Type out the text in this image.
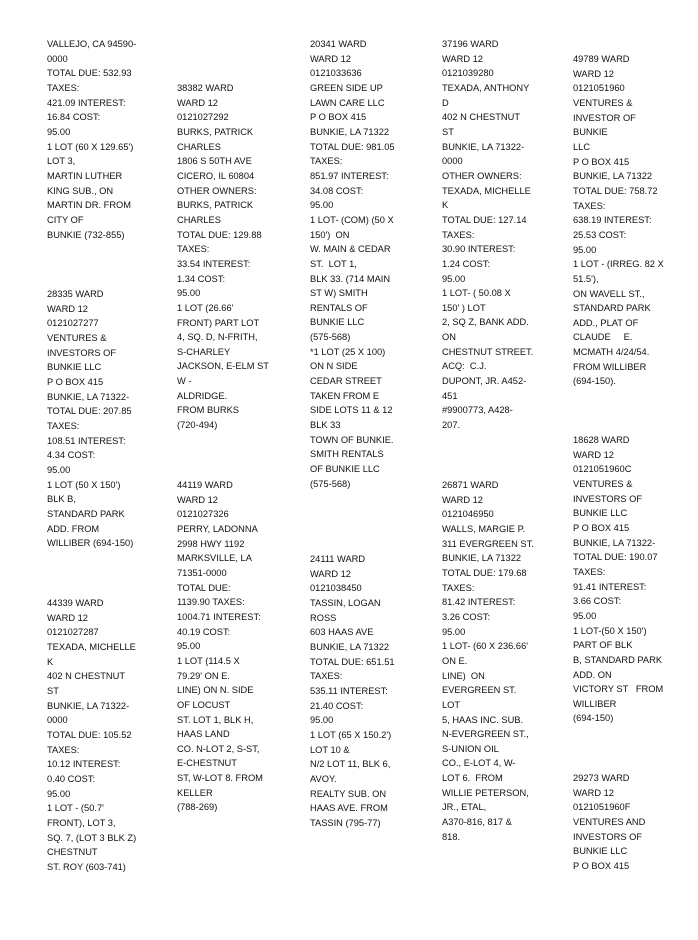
VALLEJO, CA 94590-
0000
TOTAL DUE: 532.93
TAXES:
421.09 INTEREST:
16.84 COST:
95.00
1 LOT (60 X 129.65')
LOT 3,
MARTIN LUTHER
KING SUB., ON
MARTIN DR. FROM
CITY OF
BUNKIE (732-855)
28335 WARD
WARD 12
0121027277
VENTURES &
INVESTORS OF
BUNKIE LLC
P O BOX 415
BUNKIE, LA 71322-
TOTAL DUE: 207.85
TAXES:
108.51 INTEREST:
4.34 COST:
95.00
1 LOT (50 X 150')
BLK B,
STANDARD PARK
ADD. FROM
WILLIBER (694-150)
44339 WARD
WARD 12
0121027287
TEXADA, MICHELLE
K
402 N CHESTNUT
ST
BUNKIE, LA 71322-
0000
TOTAL DUE: 105.52
TAXES:
10.12 INTEREST:
0.40 COST:
95.00
1 LOT - (50.7'
FRONT), LOT 3,
SQ. 7, (LOT 3 BLK Z)
CHESTNUT
ST. ROY (603-741)
38382 WARD
WARD 12
0121027292
BURKS, PATRICK
CHARLES
1806 S 50TH AVE
CICERO, IL 60804
OTHER OWNERS:
BURKS, PATRICK
CHARLES
TOTAL DUE: 129.88
TAXES:
33.54 INTEREST:
1.34 COST:
95.00
1 LOT (26.66'
FRONT) PART LOT
4, SQ. D, N-FRITH,
S-CHARLEY
JACKSON, E-ELM ST
W -
ALDRIDGE.
FROM BURKS
(720-494)
44119 WARD
WARD 12
0121027326
PERRY, LADONNA
2998 HWY 1192
MARKSVILLE, LA
71351-0000
TOTAL DUE:
1139.90 TAXES:
1004.71 INTEREST:
40.19 COST:
95.00
1 LOT (114.5 X
79.29' ON E.
LINE) ON N. SIDE
OF LOCUST
ST. LOT 1, BLK H,
HAAS LAND
CO. N-LOT 2, S-ST,
E-CHESTNUT
ST, W-LOT 8. FROM
KELLER
(788-269)
20341 WARD
WARD 12
0121033636
GREEN SIDE UP
LAWN CARE LLC
P O BOX 415
BUNKIE, LA 71322
TOTAL DUE: 981.05
TAXES:
851.97 INTEREST:
34.08 COST:
95.00
1 LOT- (COM) (50 X
150')  ON
W. MAIN & CEDAR
ST.  LOT 1,
BLK 33. (714 MAIN
ST W) SMITH
RENTALS OF
BUNKIE LLC
(575-568)
*1 LOT (25 X 100)
ON N SIDE
CEDAR STREET
TAKEN FROM E
SIDE LOTS 11 & 12
BLK 33
TOWN OF BUNKIE.
SMITH RENTALS
OF BUNKIE LLC
(575-568)
24111 WARD
WARD 12
0121038450
TASSIN, LOGAN
ROSS
603 HAAS AVE
BUNKIE, LA 71322
TOTAL DUE: 651.51
TAXES:
535.11 INTEREST:
21.40 COST:
95.00
1 LOT (65 X 150.2')
LOT 10 &
N/2 LOT 11, BLK 6,
AVOY.
REALTY SUB. ON
HAAS AVE. FROM
TASSIN (795-77)
37196 WARD
WARD 12
0121039280
TEXADA, ANTHONY
D
402 N CHESTNUT
ST
BUNKIE, LA 71322-
0000
OTHER OWNERS:
TEXADA, MICHELLE
K
TOTAL DUE: 127.14
TAXES:
30.90 INTEREST:
1.24 COST:
95.00
1 LOT- ( 50.08 X
150' ) LOT
2, SQ Z, BANK ADD.
ON
CHESTNUT STREET.
ACQ:  C.J.
DUPONT, JR. A452-
451
#9900773, A428-
207.
26871 WARD
WARD 12
0121046950
WALLS, MARGIE P.
311 EVERGREEN ST.
BUNKIE, LA 71322
TOTAL DUE: 179.68
TAXES:
81.42 INTEREST:
3.26 COST:
95.00
1 LOT- (60 X 236.66'
ON E.
LINE)  ON
EVERGREEN ST.
LOT
5, HAAS INC. SUB.
N-EVERGREEN ST.,
S-UNION OIL
CO., E-LOT 4, W-
LOT 6.  FROM
WILLIE PETERSON,
JR., ETAL,
A370-816, 817 &
818.
49789 WARD
WARD 12
0121051960
VENTURES &
INVESTOR OF
BUNKIE
LLC
P O BOX 415
BUNKIE, LA 71322
TOTAL DUE: 758.72
TAXES:
638.19 INTEREST:
25.53 COST:
95.00
1 LOT - (IRREG. 82 X
51.5'),
ON WAVELL ST.,
STANDARD PARK
ADD., PLAT OF
CLAUDE     E.
MCMATH 4/24/54.
FROM WILLIBER
(694-150).
18628 WARD
WARD 12
0121051960C
VENTURES &
INVESTORS OF
BUNKIE LLC
P O BOX 415
BUNKIE, LA 71322-
TOTAL DUE: 190.07
TAXES:
91.41 INTEREST:
3.66 COST:
95.00
1 LOT-(50 X 150')
PART OF BLK
B, STANDARD PARK
ADD. ON
VICTORY ST   FROM
WILLIBER
(694-150)
29273 WARD
WARD 12
0121051960F
VENTURES AND
INVESTORS OF
BUNKIE LLC
P O BOX 415
